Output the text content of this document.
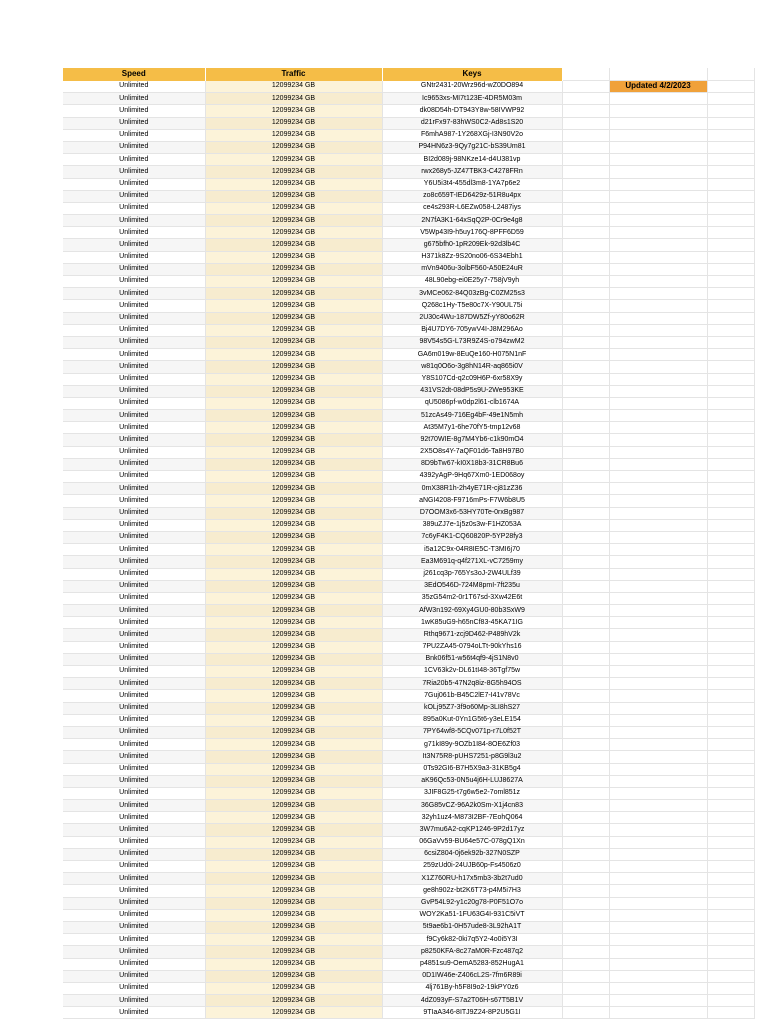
Speed	Traffic	Keys			
Unlimited	12099234 GB	GNtr2431-20Wrz96d-wZ0DO894		Updated 4/2/2023	
Unlimited	12099234 GB	Ic9653xs-MI7t123E-4DR5M03m			
Unlimited	12099234 GB	dk08D54h-DT943Y8w-58IVWP92			
Unlimited	12099234 GB	d21rFx97-83hWS0C2-Ad8s1S20			
Unlimited	12099234 GB	F6mhA987-1Y268XGj-I3N90V2o			
Unlimited	12099234 GB	P94HN6z3-9Qy7g21C-bS39Um81			
Unlimited	12099234 GB	BI2d089j-98NKze14-d4U381vp			
Unlimited	12099234 GB	rwx268y5-JZ47TBK3-C4278FRn			
Unlimited	12099234 GB	Y6U5i3t4-455dl3m8-1YA7p6e2			
Unlimited	12099234 GB	zo8c659T-IED6429z-51R8u4px			
Unlimited	12099234 GB	ce4s293R-L6EZw058-L2487iys			
Unlimited	12099234 GB	2N7fA3K1-64xSqQ2P-0Cr9e4g8			
Unlimited	12099234 GB	V5Wp43I9-h5uy176Q-8PFF6D59			
Unlimited	12099234 GB	g675bfh0-1pR209Ek-92d3lb4C			
Unlimited	12099234 GB	H371k8Zz-9S20no06-6S34Ebh1			
Unlimited	12099234 GB	mVn9406u-3olbF560-A50E24uR			
Unlimited	12099234 GB	48L90ebg-ei0E25y7-758jV9yh			
Unlimited	12099234 GB	3vMCe062-84Q03zBg-C0ZM25s3			
Unlimited	12099234 GB	Q268c1Hy-T5e80c7X-Y90UL75i			
Unlimited	12099234 GB	2U30c4Wu-187DW5Zf-yY80o62R			
Unlimited	12099234 GB	Bj4U7DY6-705ywV4I-J8M296Ao			
Unlimited	12099234 GB	98V54s5G-L73R9Z4S-o794zwM2			
Unlimited	12099234 GB	GA6m019w-8EuQe160-H075N1nF			
Unlimited	12099234 GB	w81q0O6o-3g8hN14R-aq865i0V			
Unlimited	12099234 GB	Y8S107Cd-q2c09H6P-6xr58X9y			
Unlimited	12099234 GB	431VS2dt-08dP5s9U-2We953KE			
Unlimited	12099234 GB	qU5086pf-w0dp2l61-clb1674A			
Unlimited	12099234 GB	51zcAs49-716Eg4bF-49e1N5mh			
Unlimited	12099234 GB	At35M7y1-6he70fY5-tmp12v68			
Unlimited	12099234 GB	92t70WIE-8g7M4Yb6-c1k90mO4			
Unlimited	12099234 GB	2X5O8s4Y-7aQF01d6-Ta8H97B0			
Unlimited	12099234 GB	8D9bTw67-kI0X18b3-31CR8Bu6			
Unlimited	12099234 GB	4392yAgP-9Hq67Xm0-1ED068oy			
Unlimited	12099234 GB	0mX38R1h-2h4yE71R-cj81zZ36			
Unlimited	12099234 GB	aNGI4208-F9716mPs-F7W6b8U5			
Unlimited	12099234 GB	D7OOM3x6-53HY70Te-0rxBg987			
Unlimited	12099234 GB	389uZJ7e-1j5z0s3w-F1HZ053A			
Unlimited	12099234 GB	7c6yF4K1-CQ60820P-5YP28fy3			
Unlimited	12099234 GB	i5a12C9x-04R8IE5C-T3MI6j70			
Unlimited	12099234 GB	Ea3M691q-q4f271XL-vC7259my			
Unlimited	12099234 GB	j261cq3p-765Ys3oJ-2W4ULf39			
Unlimited	12099234 GB	3EdO546D-724M8pmI-7ft235u			
Unlimited	12099234 GB	35zG54m2-0r1T67sd-3Xw42E6t			
Unlimited	12099234 GB	AfW3n192-69Xy4GU0-80b3SxW9			
Unlimited	12099234 GB	1wK85uG9-h65nCf83-45KA71IG			
Unlimited	12099234 GB	Rthq9671-zcj9D462-P489hV2k			
Unlimited	12099234 GB	7PU2ZA45-0794oLTt-90kYhs16			
Unlimited	12099234 GB	Bnk06f51-w56t4qf9-4jS1N8v0			
Unlimited	12099234 GB	1CV63k2v-DL61tI48-36Tgf75w			
Unlimited	12099234 GB	7Ria20b5-47N2q8iz-8G5h94OS			
Unlimited	12099234 GB	7Guj061b-B45C2lE7-I41v78Vc			
Unlimited	12099234 GB	kOLj95Z7-3f9o60Mp-3LI8hS27			
Unlimited	12099234 GB	895a0Kut-0Yn1G5t6-y3eLE154			
Unlimited	12099234 GB	7PY64wf8-5CQv071p-r7L0f52T			
Unlimited	12099234 GB	g71kI89y-9OZb1I84-8OE6Zf03			
Unlimited	12099234 GB	It3N75R8-pUHS7251-p8G9l3u2			
Unlimited	12099234 GB	0Ts92GI6-B7H5X9a3-31KB5g4			
Unlimited	12099234 GB	aK96Qc53-0N5u4j6H-LUJ8627A			
Unlimited	12099234 GB	3JIF8G25-t7g6w5e2-7oml851z			
Unlimited	12099234 GB	36G85vCZ-96A2k0Sm-X1j4cn83			
Unlimited	12099234 GB	32yh1uz4-M873I2BF-7EohQ064			
Unlimited	12099234 GB	3W7mu6A2-cqKP1246-9P2d17yz			
Unlimited	12099234 GB	06GaVv59-BU64e57C-078gQ1Xn			
Unlimited	12099234 GB	6csiZ804-0j6ek92b-327N0SZP			
Unlimited	12099234 GB	259zUd0i-24UJB60p-Fs4506z0			
Unlimited	12099234 GB	X1Z760RU-h17x5mb3-3b2t7ud0			
Unlimited	12099234 GB	ge8h902z-bt2K6T73-p4M5i7H3			
Unlimited	12099234 GB	GvP54L92-y1c20g78-P0F51O7o			
Unlimited	12099234 GB	WOY2Ka51-1FU63G4I-931C5iVT			
Unlimited	12099234 GB	5t9ae6b1-0H57ude8-3L92hA1T			
Unlimited	12099234 GB	f9Cy6k82-0ki7q5Y2-4o0i5Y3I			
Unlimited	12099234 GB	p8250KFA-8c27aM0R-Fzc487q2			
Unlimited	12099234 GB	p4851su9-OemA5283-852HugA1			
Unlimited	12099234 GB	0D1IW46e-Z406cL2S-7fm6R89i			
Unlimited	12099234 GB	4lj761By-h5F8I9o2-19kPY0z6			
Unlimited	12099234 GB	4dZ093yF-S7a2T06H-s67T5B1V			
Unlimited	12099234 GB	9TIaA346-8ITJ9Z24-8P2U5G1I			
